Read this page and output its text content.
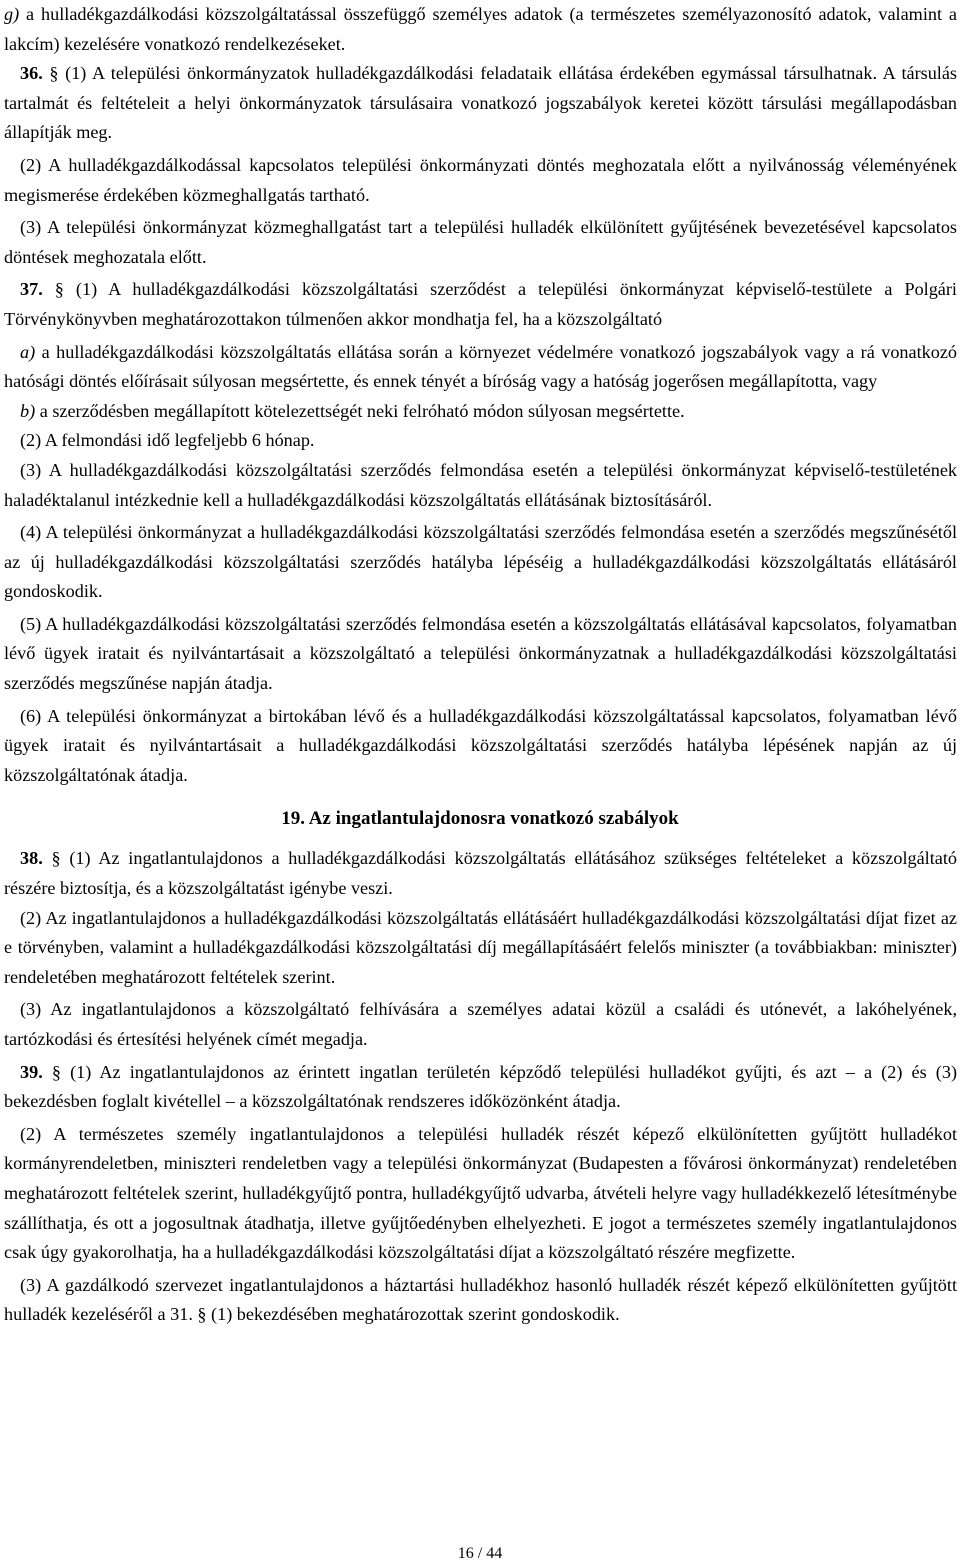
g) a hulladékgazdálkodási közszolgáltatással összefüggő személyes adatok (a természetes személyazonosító adatok, valamint a lakcím) kezelésére vonatkozó rendelkezéseket.

36. § (1) A települési önkormányzatok hulladékgazdálkodási feladataik ellátása érdekében egymással társulhatnak. A társulás tartalmát és feltételeit a helyi önkormányzatok társulásaira vonatkozó jogszabályok keretei között társulási megállapodásban állapítják meg.

(2) A hulladékgazdálkodással kapcsolatos települési önkormányzati döntés meghozatala előtt a nyilvánosság véleményének megismerése érdekében közmeghallgatás tartható.

(3) A települési önkormányzat közmeghallgatást tart a települési hulladék elkülönített gyűjtésének bevezetésével kapcsolatos döntések meghozatala előtt.

37. § (1) A hulladékgazdálkodási közszolgáltatási szerződést a települési önkormányzat képviselő-testülete a Polgári Törvénykönyvben meghatározottakon túlmenően akkor mondhatja fel, ha a közszolgáltató

a) a hulladékgazdálkodási közszolgáltatás ellátása során a környezet védelmére vonatkozó jogszabályok vagy a rá vonatkozó hatósági döntés előírásait súlyosan megsértette, és ennek tényét a bíróság vagy a hatóság jogerősen megállapította, vagy

b) a szerződésben megállapított kötelezettségét neki felróható módon súlyosan megsértette.

(2) A felmondási idő legfeljebb 6 hónap.

(3) A hulladékgazdálkodási közszolgáltatási szerződés felmondása esetén a települési önkormányzat képviselő-testületének haladéktalanul intézkednie kell a hulladékgazdálkodási közszolgáltatás ellátásának biztosításáról.

(4) A települési önkormányzat a hulladékgazdálkodási közszolgáltatási szerződés felmondása esetén a szerződés megszűnésétől az új hulladékgazdálkodási közszolgáltatási szerződés hatályba lépéséig a hulladékgazdálkodási közszolgáltatás ellátásáról gondoskodik.

(5) A hulladékgazdálkodási közszolgáltatási szerződés felmondása esetén a közszolgáltatás ellátásával kapcsolatos, folyamatban lévő ügyek iratait és nyilvántartásait a közszolgáltató a települési önkormányzatnak a hulladékgazdálkodási közszolgáltatási szerződés megszűnése napján átadja.

(6) A települési önkormányzat a birtokában lévő és a hulladékgazdálkodási közszolgáltatással kapcsolatos, folyamatban lévő ügyek iratait és nyilvántartásait a hulladékgazdálkodási közszolgáltatási szerződés hatályba lépésének napján az új közszolgáltatónak átadja.

19. Az ingatlantulajdonosra vonatkozó szabályok

38. § (1) Az ingatlantulajdonos a hulladékgazdálkodási közszolgáltatás ellátásához szükséges feltételeket a közszolgáltató részére biztosítja, és a közszolgáltatást igénybe veszi.

(2) Az ingatlantulajdonos a hulladékgazdálkodási közszolgáltatás ellátásáért hulladékgazdálkodási közszolgáltatási díjat fizet az e törvényben, valamint a hulladékgazdálkodási közszolgáltatási díj megállapításáért felelős miniszter (a továbbiakban: miniszter) rendeletében meghatározott feltételek szerint.

(3) Az ingatlantulajdonos a közszolgáltató felhívására a személyes adatai közül a családi és utónevét, a lakóhelyének, tartózkodási és értesítési helyének címét megadja.

39. § (1) Az ingatlantulajdonos az érintett ingatlan területén képződő települési hulladékot gyűjti, és azt – a (2) és (3) bekezdésben foglalt kivétellel – a közszolgáltatónak rendszeres időközönként átadja.

(2) A természetes személy ingatlantulajdonos a települési hulladék részét képező elkülönítetten gyűjtött hulladékot kormányrendeletben, miniszteri rendeletben vagy a települési önkormányzat (Budapesten a fővárosi önkormányzat) rendeletében meghatározott feltételek szerint, hulladékgyűjtő pontra, hulladékgyűjtő udvarba, átvételi helyre vagy hulladékkezelő létesítménybe szállíthatja, és ott a jogosultnak átadhatja, illetve gyűjtőedényben elhelyezheti. E jogot a természetes személy ingatlantulajdonos csak úgy gyakorolhatja, ha a hulladékgazdálkodási közszolgáltatási díjat a közszolgáltató részére megfizette.

(3) A gazdálkodó szervezet ingatlantulajdonos a háztartási hulladékhoz hasonló hulladék részét képező elkülönítetten gyűjtött hulladék kezeléséről a 31. § (1) bekezdésében meghatározottak szerint gondoskodik.

16 / 44
